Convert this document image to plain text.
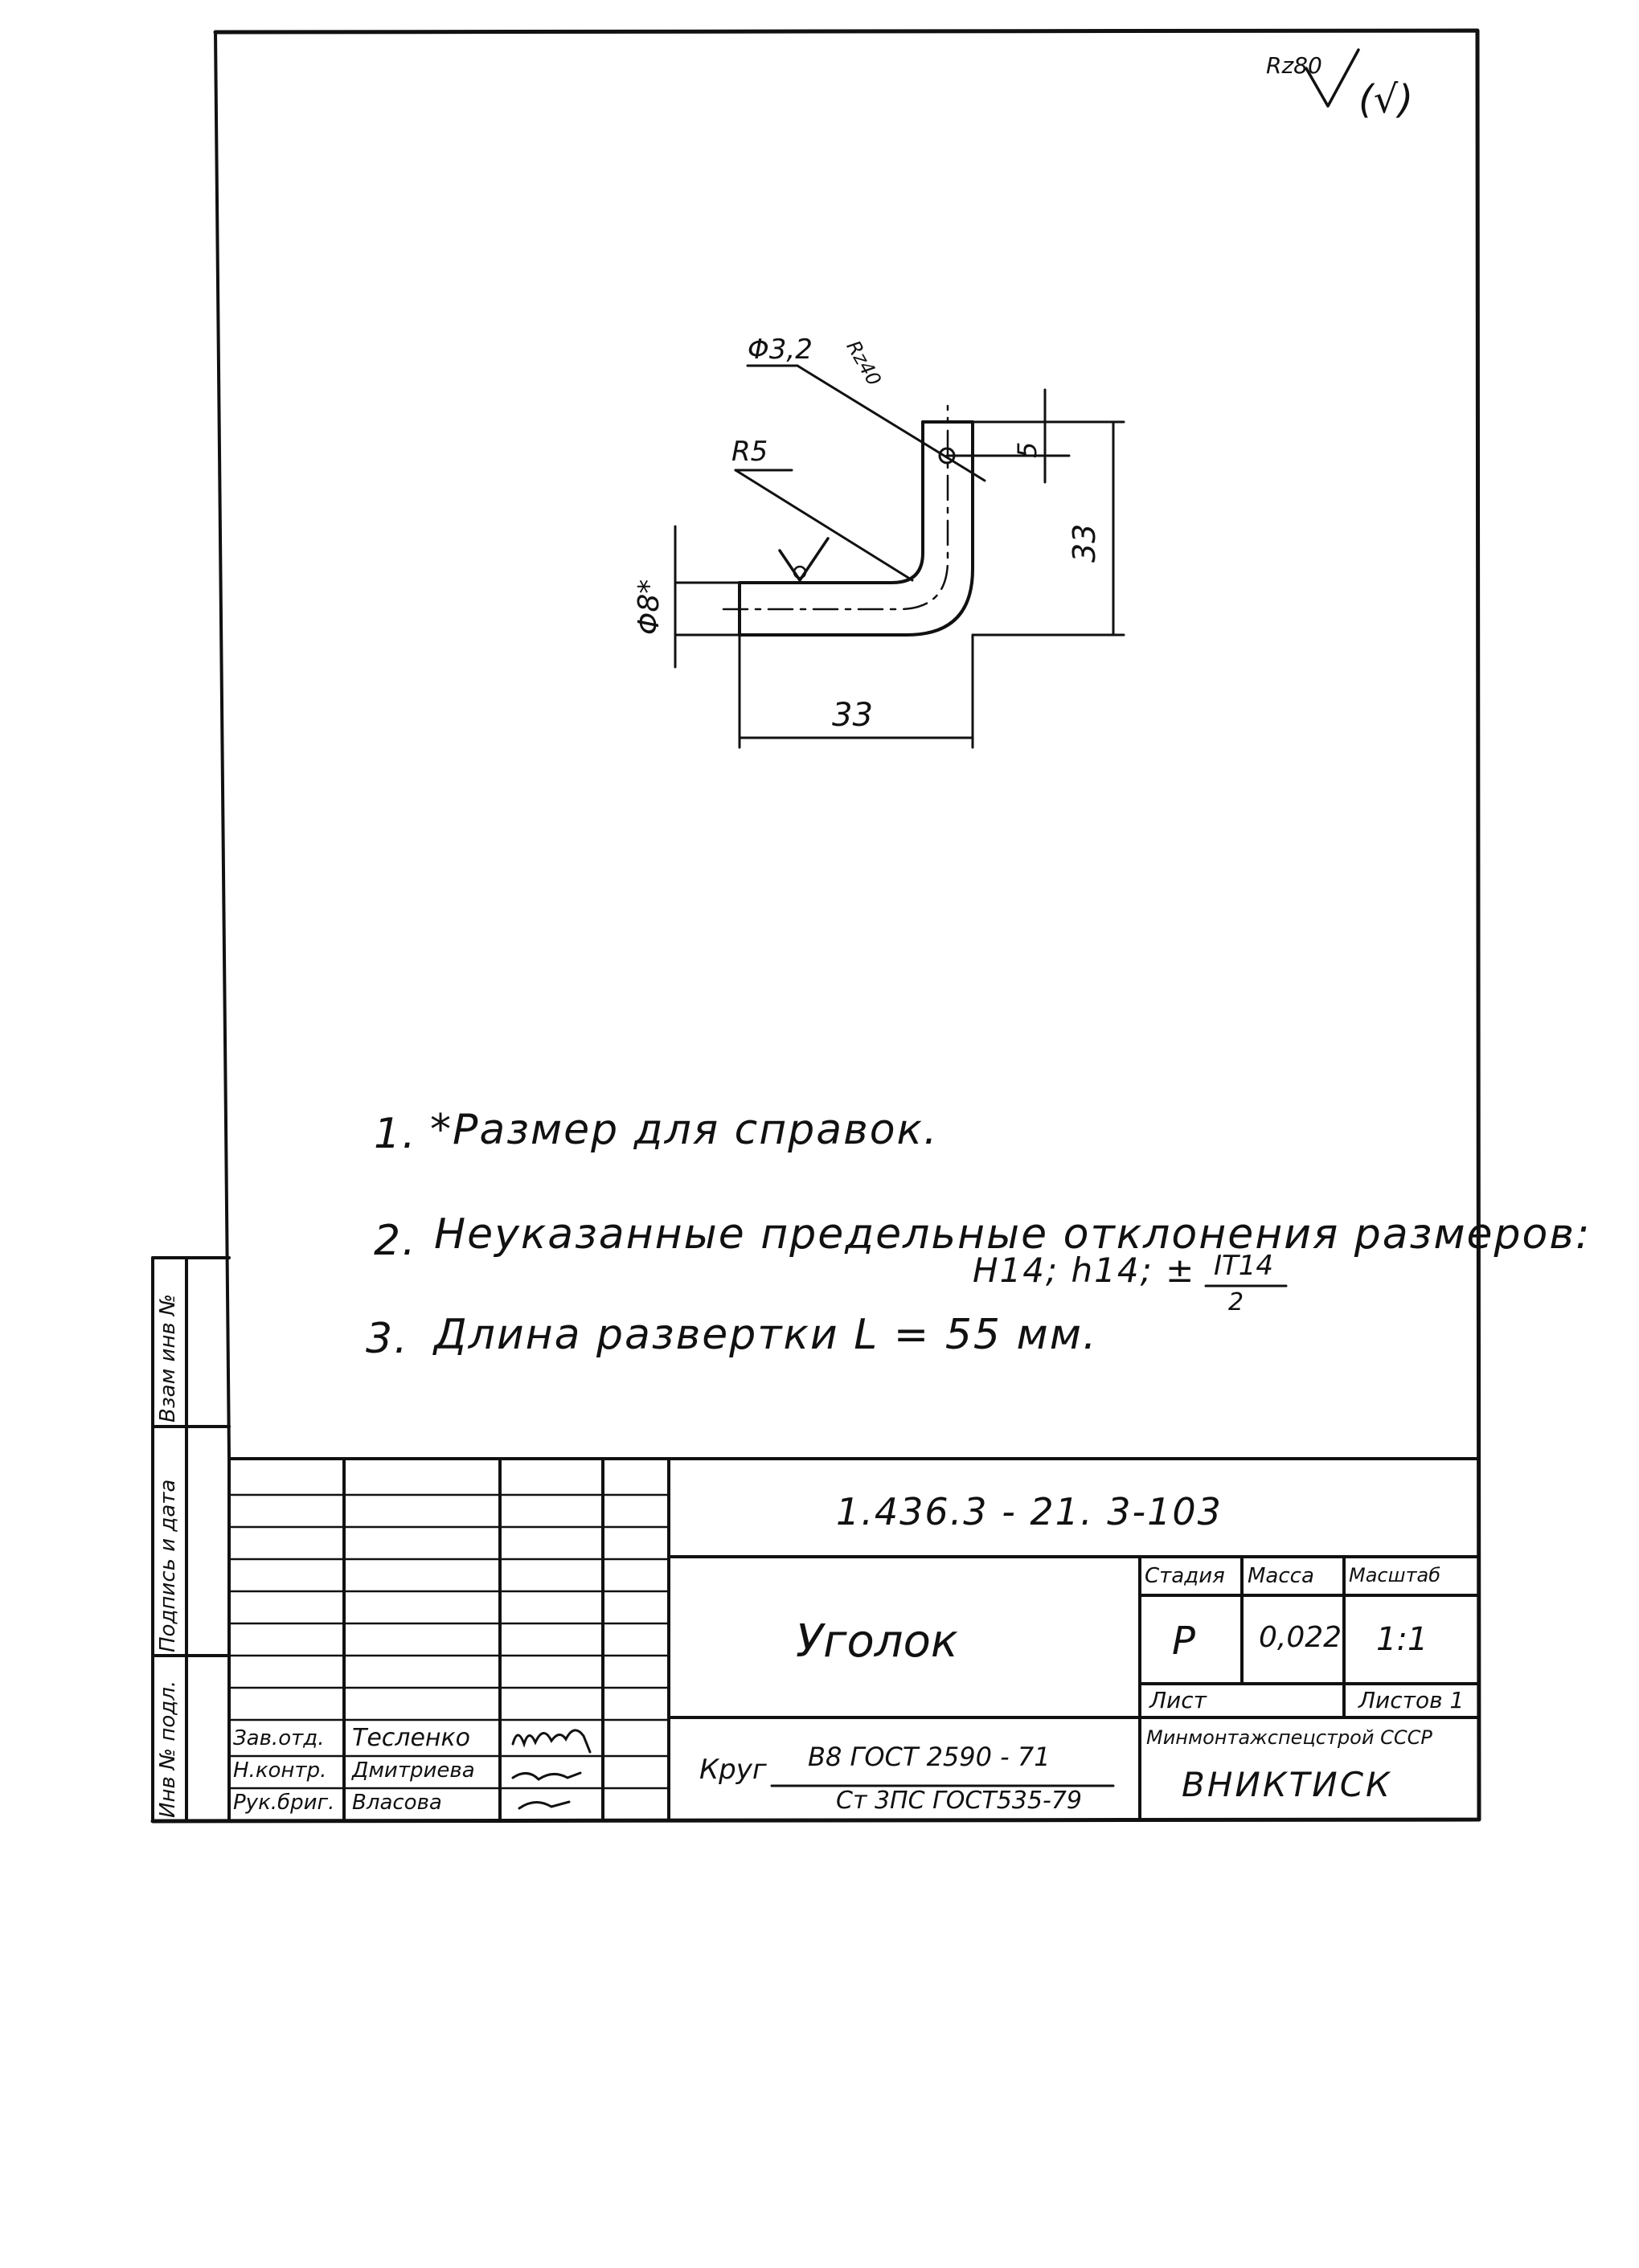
Rz80
(√)
Φ3,2 Rz40
R5
Φ8*
33
33
5
1. *Размер для справок.
2. Неуказанные предельные отклонения размеров:
Н14; h14; ± IT14
2
3. Длина развертки L = 55 мм.
Инв № подл.
Подпись и дата
Взам инв №
1.436.3 - 21. 3-103
Уголок
Стадия Масса Масштаб
Р 0,022 1:1
Лист	Листов 1
Круг В8 ГОСТ 2590 - 71
Ст 3ПС ГОСТ535-79
Минмонтажспецстрой СССР
ВНИКТИСК
Зав.отд.
Н.контр.
Рук.бриг.
Тесленко
Дмитриева
Власова
